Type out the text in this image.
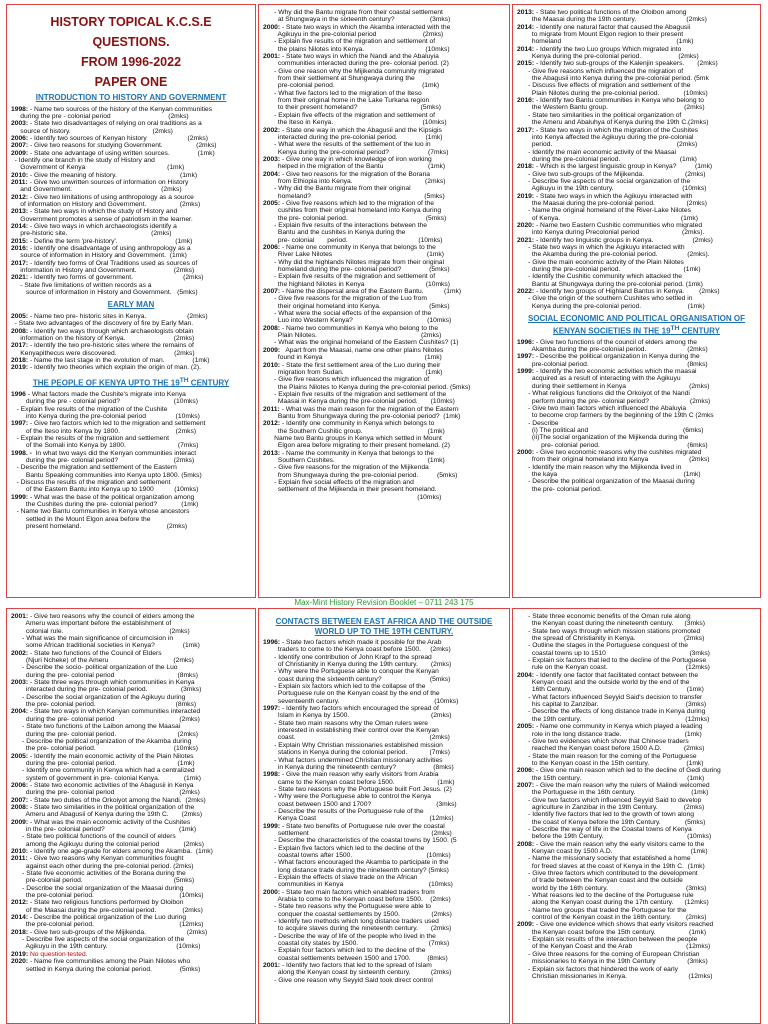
HISTORY TOPICAL K.C.S.E
QUESTIONS.
FROM 1996-2022
PAPER ONE
INTRODUCTION TO HISTORY AND GOVERNMENT
1998: - Name two sources of the history of the Kenyan communities
during the pre - colonial period                               (2mks)
2003: - State two disadvantages of relying on oral traditions as a
source of history.                                            (2mks)
2006: - Identify two sources of Kenyan history                      (2mks)
2007: - Give two reasons for studying Government.                  (2mks)
2009: - State one advantage of using written sources.               (1mk)
- Identify one branch in the study of History and
Government of Kenya                                            (1mk)
2010: - Give the meaning of history.                                  (1mk)
2011: - Give two unwritten sources of information on History
and Government.                                                (2mks)
2012: - Give two limitations of using anthropology as a source
of information on History and Government.                  (2mks)
2013: - State two ways in which the study of History and
Government promotes a sense of patriotism in the learner.
2014: - Give two ways in which archaeologists identify a
pre-historic site.                                             (2mks)
2015: - Define the term 'pre-history'.                               (1mk)
2016: - Identify one disadvantage of using anthropology as a
source of information in History and Government.  (1mk)
2017: - Identify two forms of Oral Traditions used as sources of
information in History and Government.                    (2mks)
2021: - Identify two forms of government.                           (2mks)
- State five limitations of written records as a
source of information in History and Government.   (5mks)
EARLY MAN
2005: - Name two pre- historic sites in Kenya.                      (2mks)
- State two advantages of the discovery of fire by Early Man.
2008: - Identify two ways through which archaeologists obtain
information on the history of Kenya.                          (2mks)
2017: - Identify the two pre-historic sites where the remains of
Kenyapithecus were discovered.                               (2mks)
2018: - Name the last stage in the evolution of man.               (1mk)
2019: - Identify two theories which explain the origin of man. (2).
THE PEOPLE OF KENYA UPTO THE 19TH CENTURY
1996 - What factors made the Cushite's migrate into Kenya
during the pre - colonial period?                             (10mks)
- Explain five results of the migration of the Cushite
into Kenya during the pre-colonial period                (10mks)
1997: - Give two factors which led to the migration and settlement
of the Iteso into Kenya by 1800.                              (2mks)
- Explain the results of the migration and settlement
of the Somali into Kenya by 1800.                            (7mks)
1998. -  In what two ways did the Kenyan communities interact
during the pre- colonial period?                              (2mks)
- Describe the migration and settlement of the Eastern
Bantu Speaking communities into Kenya upto 1800. (5mks)
- Discuss the results of the migration and settlement
of the Eastern Bantu into Kenya up to 1900           (10mks)
1999: - What was the base of the political organization among
the Cushites during the pre- colonial period?             (1mk)
- Name two Bantu communities in Kenya whose ancestors
settled in the Mount Elgon area before the
present homeland.                                              (2mks)
- Why did the Bantu migrate from their coastal settlement
at Shungwaya in the sixteenth century?                   (3mks)
2000: - State two ways in which the Akamba interacted with the
Agikuyu in the pre-colonial period                         (2mks)
- Explain five results of the migration and settlement of
the plains Nilotes into Kenya.                                 (10mks)
2001: - State two ways in which the Nandi and the Abaluyia
communities interacted during the pre- colonial period. (2)
- Give one reason why the Mijikenda community migrated
from their settlement at Shungwaya during the
pre-colonial period.                                               (1mk)
- What five factors led to the migration of the Iteso
from their original home in the Lake Turkana region
to their present homeland?                                  (5mks)
- Explain five effects of the migration and settlement of
the Iteso in Kenya.                                                (10mks)
2002: - State one way in which the Abagusii and the Kipsigis
interacted during the pre-colonial period.               (1mk)
- What were the results of the settlement of the luo in
Kenya during the pre-colonial period?                     (7mks)
2003: - Give one way in which knowledge of iron working
helped in the migration of the Bantu                        (1mk)
2004: - Give two reasons for the migration of the Borana
from Ethiopia into Kenya.                                       (2mks)
- Why did the Bantu migrate from their original
homeland?                                                             (5mks)
2005: - Give five reasons which led to the migration of the
cushites from their original homeland into Kenya during
the pre- colonial period.                                          (5mks)
- Explain five results of the interactions between the
Bantu and the cushites in Kenya during the
pre- colonial       period.                                      (10mks)
2006: - Name one community in Kenya that belongs to the
River Lake Nilotes                                                   (1mk)
- Why did the highlands Nilotes migrate from their original
homeland during the pre- colonial period?               (5mks)
- Explain five results of the migration and settlement of
the highland Nilotes in Kenya                                 (10mks)
2007: - Name the dispersal area of the Eastern Bantu.           (1mk)
- Give five reasons for the migration of the Luo from
their original homeland into Kenya.                          (5mks)
- What were the social effects of the expansion of the
Luo into Western Kenya?                                        (10mks)
2008: - Name two communities in Kenya who belong to the
Plain Nilotes.                                                        (2mks)
- What was the original homeland of the Eastern Cushites? (1)
2009:   Apart from the Maasai, name one other plains Nilotes
found in Kenya                                                       (1mk)
2010: - State the first settlement area of the Luo during their
migration from Sudan.                                            (1mk)
- Give five reasons which influenced the migration of
the Plains Nilotes to Kenya during the pre-colonial period. (5mks)
- Explain five results of the migration and settlement of the
Maasai in Kenya during the pre-colonial period.       (10mks)
2011: - What was the main reason for the migration of the Eastern
Bantu from Shungwaya during the pre-colonial period?  (1mk)
2012: - Identify one community in Kenya which belongs to
the Southern Cushitic group.                                   (1mk)
Name two Bantu groups in Kenya which settled in Mount
Elgon area before migrating to their present homeland. (2)
2013: - Name the community in Kenya that belongs to the
Southern Cushites.                                                  (1mk)
- Give five reasons for the migration of the Mijikenda
from Shungwaya during the pre-colonial period.          (5mks)
- Explain five social effects of the migration and
settlement of the Mijikenda in their present homeland.
(10mks)
2013: - State two political functions of the Oloibon among
the Maasai during the 19th century.                           (2mks)
2014: - Identify one natural factor that caused the Abagusii
to migrate from Mount Elgon region to their present
homeland                                                              (1mk)
2014: - Identify the two Luo groups Which migrated into
Kenya during the pre-colonial period.                    (2mks)
2015: - Identify two sub-groups of the Kalenjin speakers.       (2mks)
- Give five reasons which influenced the migration of
the Abagusii into Kenya during the pre-colonial period. (5mk
- Discuss five effects of migration and settlement of the
Plain Nilotes during the pre-colonial period.             (10mks)
2016: - Identify two Bantu communities in Kenya who belong to
the Western Bantu group.                                         (2mks)
- State two similarities in the political organization of
the Ameru and Abaluhya of Kenya during the 19th C.(2mks)
2017: - State two ways in which the migration of the Cushites
into Kenya affected the Agikuyu during the pre-colonial
period.                                                                   (2mks)
- Identify the main economic activity of the Maasai
during the pre-colonial period.                                (1mk)
2018: - Which is the largest linguistic group in Kenya?          (1mk)
- Give two sub-groups of the Mijikenda.                      (2mks)
- Describe five aspects of the social organization of the
Agikuyu in the 19th century.                                     (10mks)
2019: - State two ways in which the Agikuyu interacted with
the Maasai during the pre-colonial period.                 (2mks)
- Name the original homeland of the River-Lake Nilotes
of Kenya.                                                                 (1mk)
2020: - Name two Eastern Cushitic communities who migrated
into Kenya during Precolonial period                       (2mks).
2021: - Identify two linguistic groups in Kenya.                     (2mks)
- State two ways in which the Agikuyu interacted with
the Akamba during the pre-colonial period.                (2mks).
- Give the main economic activity of the Plain Nilotes
during the pre-colonial period.                                  (1mk)
- Identify the Cushitic community which attacked the
Bantu at Shungwaya during the pre-colonial period. (1mk)
2022: - Identify two groups of Highland Bantus in Kenya.        (2mks)
- Give the origin of the southern Cushites who settled in
Kenya during the pre-colonial period.                         (1mk)
SOCIAL ECONOMIC AND POLITICAL ORGANISATION OF KENYAN SOCIETIES IN THE 19TH CENTURY
1996: - Give two functions of the council of elders among the
Akamba during the pre-colonial period.                      (2mks)
1997: - Describe the political organization in Kenya during the
pre-colonial period.                                                     (8mks)
1999: - Identify the two economic activities which the maasai
acquired as a result of interacting with the Agikuyu
during their settlement in Kenya                                  (2mks)
- What religious functions did the Orkoiyot of the Nandi
perform during the pre- colonial period?                      (2mks)
- Give two main factors which influenced the Abaluyia
to become crop farmers by the beginning of the 19th C (2mks
- Describe
(i) The political and                                                   (6mks)
(ii)The social organization of the Mijikenda during the
pre- colonial period.                                               (6mks)
2000: - Give two economic reasons why the cushites migrated
from their original homeland into Kenya                      (2mks)
- Identify the main reason why the Mijikenda lived in
the kaya                                                                    (1mk)
- Describe the political organization of the Maasai during
the pre- colonial period.
Max-Mint History Revision Booklet – 0711 243 175
2001: - Give two reasons why the council of elders among the
Ameru was important before the establishment of
colonial rule.                                                         (2mks)
- What was the main significance of circumcision in
some African traditional societies in Kenya?               (1mk)
2002: - State two functions of the Council of Elders
(Njuri Ncheke) of the Ameru                                   (2mks)
- Describe the socio- political organization of the Luo
during the pre- colonial period                                  (8mks)
2003: - State three ways through which communities in Kenya
interacted during the pre- colonial period.                  (3mks)
- Describe the social organization of the Agikuyu during
the pre- colonial period.                                           (8mks)
2004: - State two ways in which Kenyan communities interacted
during the pre- colonial period                                   (2mks)
- State two functions of the Laibon among the Maasai
during the pre- colonial period.                                 (2mks)
- Describe the political organization of the Akamba during
the pre- colonial period.                                          (10mks)
2005: - Identify the main economic activity of the Plain Nilotes
during the pre- colonial period.                                 (1mk)
- Identify one community in Kenya which had a centralized
system of government in pre- colonial Kenya.             (1mk)
2006: - State two economic activities of the Abagusii in Kenya
during the pre- colonial period                                   (2mks)
2007: - State two duties of the Orkoiyot among the Nandi.  (2mks)
2008: - State two similarities in the political organization of the
Ameru and Abagusii of Kenya during the 19th C.       (2mks)
2009: - What was the main economic activity of the Cushites
in the pre- colonial period?                                        (1mk)
- State two political functions of the council of elders
among the Agikuyu during the colonial period             (2mks)
2010: - Identify one age-grade for elders among the Akamba.  (1mk)
2011: - Give two reasons why Kenyan communities fought
against each other during the pre-colonial period. (2mks)
- State five economic activities of the Borana during the
pre-colonial period.                                                 (5mks)
- Describe the social organization of the Maasai during
the pre-colonial period.                                              (10mks)
2012: - State two religious functions performed by Oloibon
of the Maasai during the pre-colonial period.              (2mks)
2014: - Describe the political organization of the Luo during
the pre-colonial period.                                              (12mks)
2018: - Give two sub-groups of the Mijikenda.                      (2mks)
- Describe five aspects of the social organization of the
Agikuyu in the 19th century.                                     (10mks)
2019: No question tested.
2020: - Name five communities among the Plain Nilotes who
settled in Kenya during the colonial period.               (5mks)
CONTACTS BETWEEN EAST AFRICA AND THE OUTSIDE WORLD UP TO THE 19TH CENTURY.
1996: - State two factors which made it possible for the Arab
traders to come to the Kenya coast before 1500.     (2mks)
- Identify one contribution of John Krapf to the spread
of Christianity in Kenya during the 19th century.       (2mks)
- Why were the Portuguese able to conquer the Kenyan
coast during the sixteenth century?                          (5mks)
- Explain six factors which led to the collapse of the
Portuguese rule on the Kenyan coast by the end of the
seventeenth century.                                                   (10mks)
1997: - Identify two factors which encouraged the spread of
Islam in Kenya by 1500.                                            (2mks)
- State two main reasons why the Oman rulers were
interested in establishing their control over the Kenyan
coast.                                                                        (2mks)
- Explain Why Christian missionaries established mission
stations in Kenya during the colonial period.            (7mks)
- What factors undermined Christian missionary activities
in Kenya during the nineteenth century?                    (8mks)
1998: - Give the main reason why early visitors from Arabia
came to the Kenyan coast before 1500.                       (1mk)
- State two reasons why the Portuguese built Fort Jesus. (2)
- Why were the Portuguese able to control the Kenya
coast between 1500 and 1700?                                   (3mks)
- Describe the results of the Portuguese rule of the
Kenya Coast                                                             (12mks)
1999: - State two benefits of Portuguese rule over the coastal
settlement                                                                  (2mks)
- Describe the characteristics of the coastal towns by 1500. (5
- Explain five factors which led to the decline of the
coastal towns after 1500.                                        (10mks)
- What factors encouraged the Akamba to participate in the
long distance trade during the nineteenth century? (5mks)
- Explain the effects of slave trade on the African
communities in Kenya                                              (10mks)
2000: - State two main factors which enabled traders from
Arabia to come to the Kenyan coast before 1500.    (2mks)
- State two reasons why the Portuguese were able to
conquer the coastal settlements by 1500.                 (2mks)
- Identify two methods which long distance traders used
to acquire slaves during the nineteenth century.       (2mks)
- Describe the way of life of the people who lived in the
coastal city states by 1500.                                      (7mks)
- Explain four factors which led to the decline of the
coastal settlements between 1500 and 1700.         (8mks)
2001: - Identify two factors that led to the spread of Islam
along the Kenyan coast by sixteenth century.           (2mks)
- Give one reason why Seyyid Said took direct control
- State three economic benefits of the Oman rule along
the Kenyan coast during the nineteenth century.      (3mks)
- State two ways through which mission stations promoted
the spread of Christianity in Kenya.                          (2mks)
- Outline the stages in the Portuguese conquest of the
coastal towns up to 1510                                             (3mks)
- Explain six factors that led to the decline of the Portuguese
rule on the Kenyan coast.                                          (12mks)
2004: - Identify one factor that facilitated contact between the
Kenyan coast and the outside world by the end of the
16th Century.                                                              (1mk)
- What factors influenced Seyyid Said's decision to transfer
his capital to Zanzibar.                                               (3mks)
- Describe the effects of long distance trade in Kenya during
the 19th century.                                                        (12mks)
2005: - Name one community in Kenya which played a leading
role in the long distance trade.                                  (1mk)
- Give two evidences which show that Chinese traders
reached the Kenyan coast before 1500 A.D.            (2mks)
- State the main reason for the coming of the Portuguese
to the Kenyan coast in the 15th century.                    (1mk)
2006: - Give one main reason which led to the decline of Gedi during
the 15th century.                                                         (1mk)
2007: - Give the main reason why the rulers of Malindi welcomed
the Portuguese in the 16th century.                              (1mk)
- Give two factors which influenced Seyyid Said to develop
agriculture in Zanzibar in the 19th Century.              (2mks)
- Identify five factors that led to the growth of town along
the coast of Kenya before the 19th Century.             (5mks)
- Describe the way of life in the Coastal towns of Kenya
before the 19th Century.                                             (10mks)
2008: - Give the main reason why the early visitors came to the
Kenyan coast by 1500 A.D.                                          (1mk)
- Name the missionary society that established a home
for freed slaves at the coast of Kenya in the 19th C.  (1mk)
- Give three factors which contributed to the development
of trade between the Kenyan coast and the outside
world by the 16th century.                                          (3mks)
- What reasons led to the decline of the Portuguese rule
along the Kenyan coast during the 17th century.      (12mks)
- Name two groups that traded the Portuguese for the
control of the Kenyan coast in the 16th century.        (2mks)
2009: - Give one evidence which shows that early visitors reached
the Kenyan coast before the 15th century.                  (1mk)
- Explain six results of the interaction between the people
of the Kenyan Coast and the Arab                             (12mks)
- Give three reasons for the coming of European Christian
missionaries to Kenya in the 19th Century                 (3mks)
- Explain six factors that hindered the work of early
Christian missionaries in Kenya.                                 (12mks)
